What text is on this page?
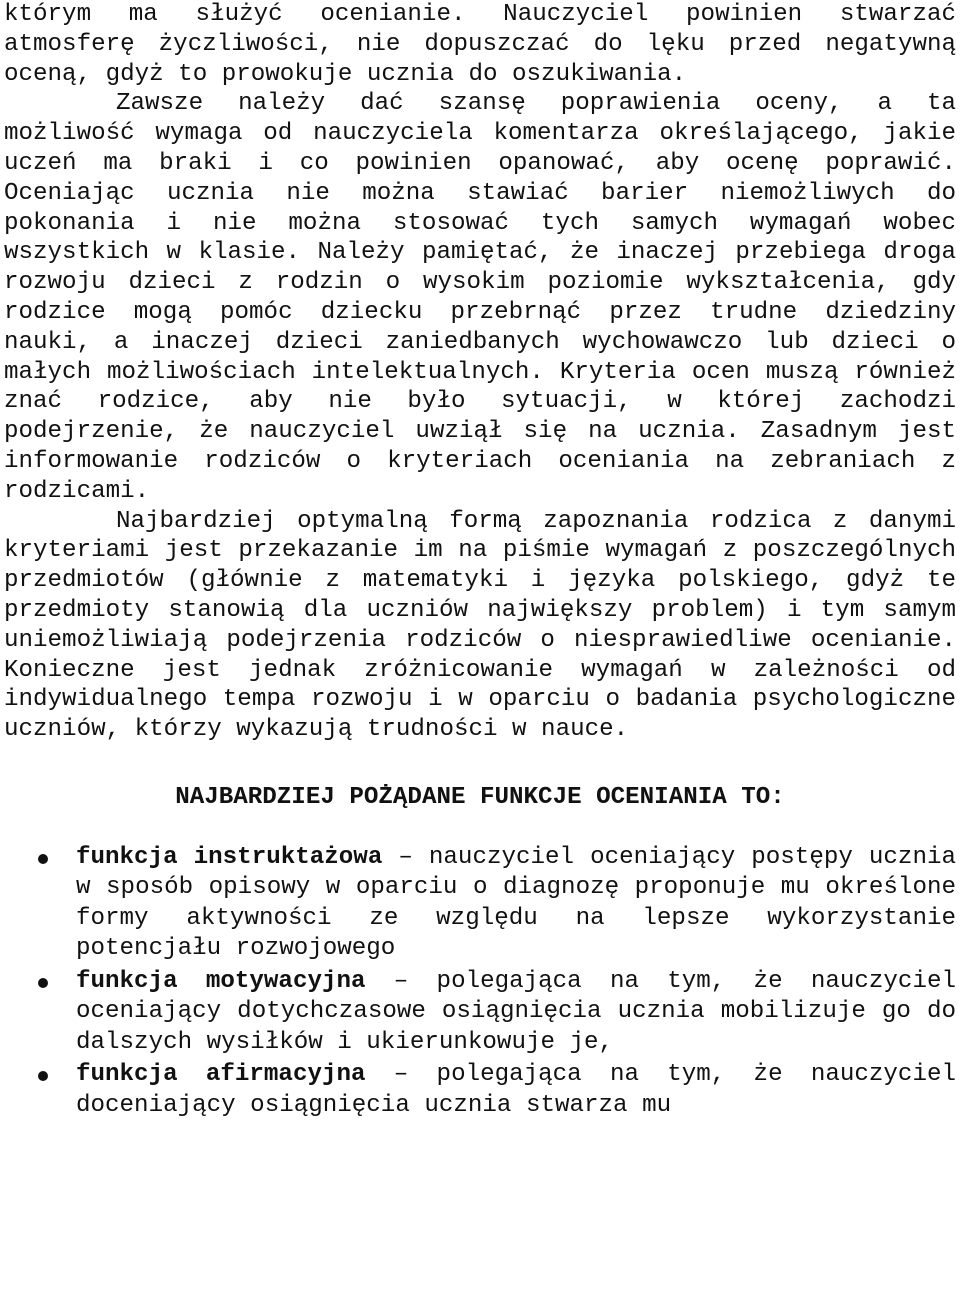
którym ma służyć ocenianie. Nauczyciel powinien stwarzać atmosferę życzliwości, nie dopuszczać do lęku przed negatywną oceną, gdyż to prowokuje ucznia do oszukiwania.

Zawsze należy dać szansę poprawienia oceny, a ta możliwość wymaga od nauczyciela komentarza określającego, jakie uczeń ma braki i co powinien opanować, aby ocenę poprawić. Oceniając ucznia nie można stawiać barier niemożliwych do pokonania i nie można stosować tych samych wymagań wobec wszystkich w klasie. Należy pamiętać, że inaczej przebiega droga rozwoju dzieci z rodzin o wysokim poziomie wykształcenia, gdy rodzice mogą pomóc dziecku przebrnąć przez trudne dziedziny nauki, a inaczej dzieci zaniedbanych wychowawczo lub dzieci o małych możliwościach intelektualnych. Kryteria ocen muszą również znać rodzice, aby nie było sytuacji, w której zachodzi podejrzenie, że nauczyciel uwziął się na ucznia. Zasadnym jest informowanie rodziców o kryteriach oceniania na zebraniach z rodzicami.

Najbardziej optymalną formą zapoznania rodzica z danymi kryteriami jest przekazanie im na piśmie wymagań z poszczególnych przedmiotów (głównie z matematyki i języka polskiego, gdyż te przedmioty stanowią dla uczniów największy problem) i tym samym uniemożliwiają podejrzenia rodziców o niesprawiedliwe ocenianie. Konieczne jest jednak zróżnicowanie wymagań w zależności od indywidualnego tempa rozwoju i w oparciu o badania psychologiczne uczniów, którzy wykazują trudności w nauce.

NAJBARDZIEJ POŻĄDANE FUNKCJE OCENIANIA TO:
funkcja instruktażowa – nauczyciel oceniający postępy ucznia w sposób opisowy w oparciu o diagnozę proponuje mu określone formy aktywności ze względu na lepsze wykorzystanie potencjału rozwojowego
funkcja motywacyjna – polegająca na tym, że nauczyciel oceniający dotychczasowe osiągnięcia ucznia mobilizuje go do dalszych wysiłków i ukierunkowuje je,
funkcja afirmacyjna – polegająca na tym, że nauczyciel doceniający osiągnięcia ucznia stwarza mu
